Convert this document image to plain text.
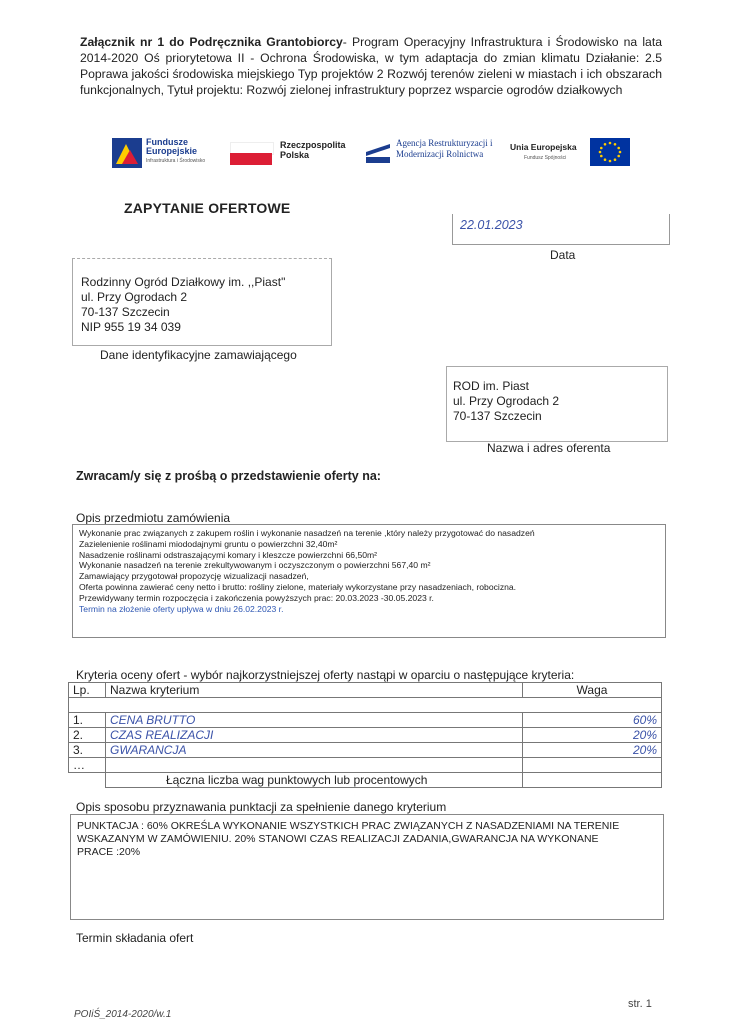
Załącznik nr 1 do Podręcznika Grantobiorcy- Program Operacyjny Infrastruktura i Środowisko na lata 2014-2020 Oś priorytetowa II - Ochrona Środowiska, w tym adaptacja do zmian klimatu Działanie: 2.5 Poprawa jakości środowiska miejskiego Typ projektów 2 Rozwój terenów zieleni w miastach i ich obszarach funkcjonalnych, Tytuł projektu: Rozwój zielonej infrastruktury poprzez wsparcie ogrodów działkowych
Fundusze Europejskie
Infrastruktura i Środowisko
Rzeczpospolita Polska
Agencja Restrukturyzacji i Modernizacji Rolnictwa
Unia Europejska
Fundusz Spójności
ZAPYTANIE OFERTOWE
22.01.2023
Data
Rodzinny Ogród Działkowy im. ,,Piast"
ul. Przy Ogrodach 2
70-137 Szczecin
NIP 955 19 34 039
Dane identyfikacyjne zamawiającego
ROD im. Piast
ul. Przy Ogrodach 2
70-137 Szczecin
Nazwa i adres oferenta
Zwracam/y się z prośbą o przedstawienie oferty na:
Opis przedmiotu zamówienia
Wykonanie prac związanych z zakupem roślin i wykonanie nasadzeń na terenie ,który należy przygotować do nasadzeń
Zazielenienie roślinami miododajnymi gruntu o powierzchni 32,40m²
Nasadzenie roślinami odstraszającymi komary i kleszcze powierzchni 66,50m²
Wykonanie nasadzeń na terenie zrekultywowanym i oczyszczonym o powierzchni 567,40 m²
Zamawiający przygotował propozycję wizualizacji nasadzeń,
Oferta powinna zawierać ceny netto i brutto: rośliny zielone, materiały wykorzystane przy nasadzeniach, robocizna.
Przewidywany termin rozpoczęcia i zakończenia powyższych prac: 20.03.2023 -30.05.2023 r.
Termin na złożenie oferty upływa w dniu 26.02.2023 r.
Kryteria oceny ofert - wybór najkorzystniejszej oferty nastąpi w oparciu o następujące kryteria:
Lp.	Nazwa kryterium	Waga

1.	CENA BRUTTO	60%
2.	CZAS REALIZACJI	20%
3.	GWARANCJA	20%
…		
	Łączna liczba wag punktowych lub procentowych	
Opis sposobu przyznawania punktacji za spełnienie danego kryterium
PUNKTACJA : 60% OKREŚLA WYKONANIE WSZYSTKICH PRAC ZWIĄZANYCH Z NASADZENIAMI NA TERENIE WSKAZANYM W ZAMÓWIENIU. 20% STANOWI CZAS REALIZACJI ZADANIA,GWARANCJA NA WYKONANE PRACE :20%
Termin składania ofert
str. 1
POIiŚ_2014-2020/w.1
